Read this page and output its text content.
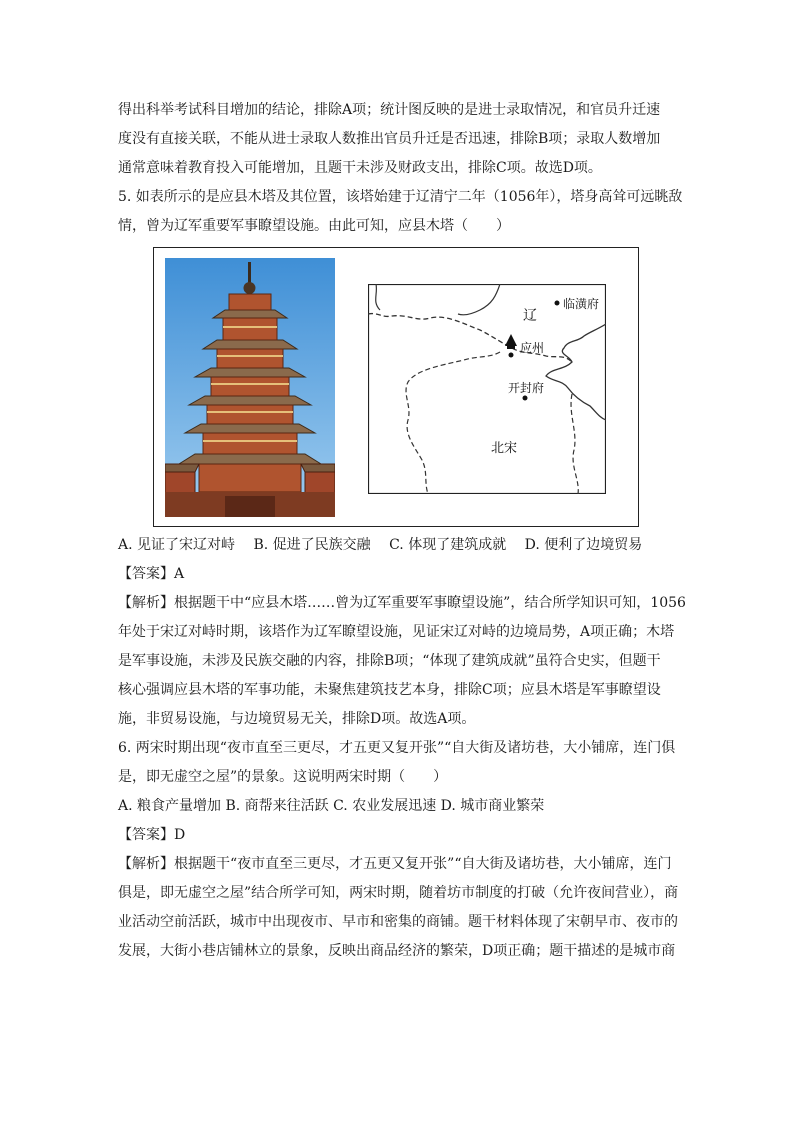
得出科举考试科目增加的结论，排除A项；统计图反映的是进士录取情况，和官员升迁速

度没有直接关联，不能从进士录取人数推出官员升迁是否迅速，排除B项；录取人数增加

通常意味着教育投入可能增加，且题干未涉及财政支出，排除C项。故选D项。

5. 如表所示的是应县木塔及其位置，该塔始建于辽清宁二年（1056年），塔身高耸可远眺敌

情，曾为辽军重要军事瞭望设施。由此可知，应县木塔（　　）

辽
临潢府
应州
开封府
北宋

A. 见证了宋辽对峙　 B. 促进了民族交融　 C. 体现了建筑成就　 D. 便利了边境贸易

【答案】A

【解析】根据题干中“应县木塔……曾为辽军重要军事瞭望设施”，结合所学知识可知，1056

年处于宋辽对峙时期，该塔作为辽军瞭望设施，见证宋辽对峙的边境局势，A项正确；木塔

是军事设施，未涉及民族交融的内容，排除B项；“体现了建筑成就”虽符合史实，但题干

核心强调应县木塔的军事功能，未聚焦建筑技艺本身，排除C项；应县木塔是军事瞭望设

施，非贸易设施，与边境贸易无关，排除D项。故选A项。

6. 两宋时期出现“夜市直至三更尽，才五更又复开张”“自大街及诸坊巷，大小铺席，连门俱

是，即无虚空之屋”的景象。这说明两宋时期（　　）

A. 粮食产量增加 B. 商帮来往活跃 C. 农业发展迅速 D. 城市商业繁荣

【答案】D

【解析】根据题干“夜市直至三更尽，才五更又复开张”“自大街及诸坊巷，大小铺席，连门

俱是，即无虚空之屋”结合所学可知，两宋时期，随着坊市制度的打破（允许夜间营业），商

业活动空前活跃，城市中出现夜市、早市和密集的商铺。题干材料体现了宋朝早市、夜市的

发展，大街小巷店铺林立的景象，反映出商品经济的繁荣，D项正确；题干描述的是城市商
